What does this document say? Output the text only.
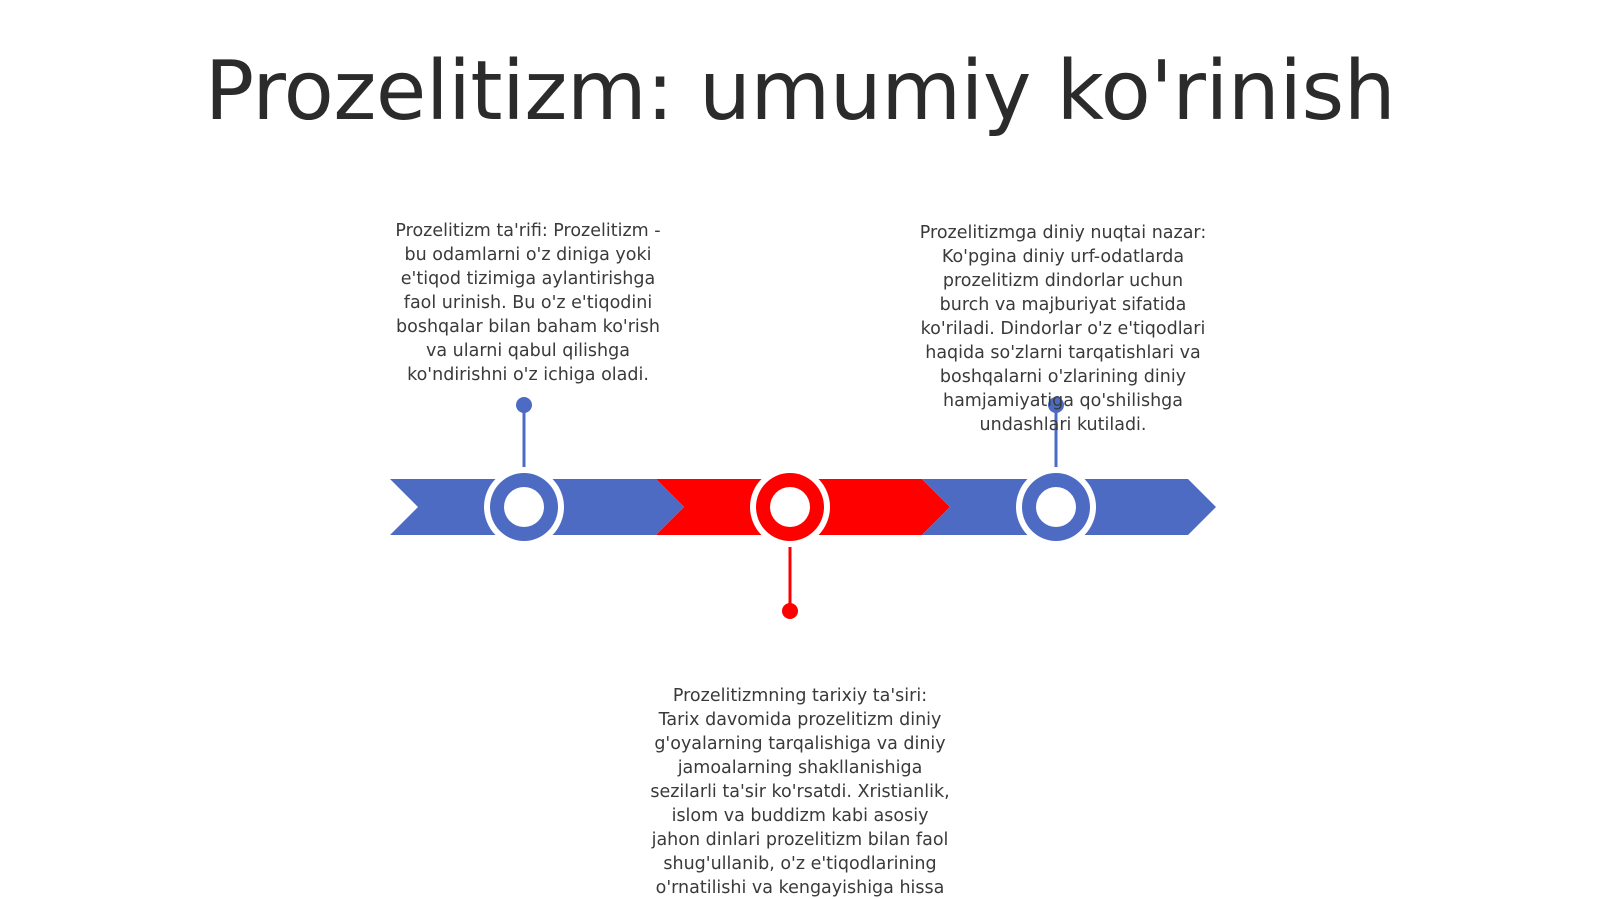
Prozelitizm: umumiy ko'rinish
Prozelitizm ta'rifi: Prozelitizm - bu odamlarni o'z diniga yoki e'tiqod tizimiga aylantirishga faol urinish. Bu o'z e'tiqodini boshqalar bilan baham ko'rish va ularni qabul qilishga ko'ndirishni o'z ichiga oladi.
Prozelitizmga diniy nuqtai nazar: Ko'pgina diniy urf-odatlarda prozelitizm dindorlar uchun burch va majburiyat sifatida ko'riladi. Dindorlar o'z e'tiqodlari haqida so'zlarni tarqatishlari va boshqalarni o'zlarining diniy hamjamiyatiga qo'shilishga undashlari kutiladi.
Prozelitizmning tarixiy ta'siri: Tarix davomida prozelitizm diniy g'oyalarning tarqalishiga va diniy jamoalarning shakllanishiga sezilarli ta'sir ko'rsatdi. Xristianlik, islom va buddizm kabi asosiy jahon dinlari prozelitizm bilan faol shug'ullanib, o'z e'tiqodlarining o'rnatilishi va kengayishiga hissa
